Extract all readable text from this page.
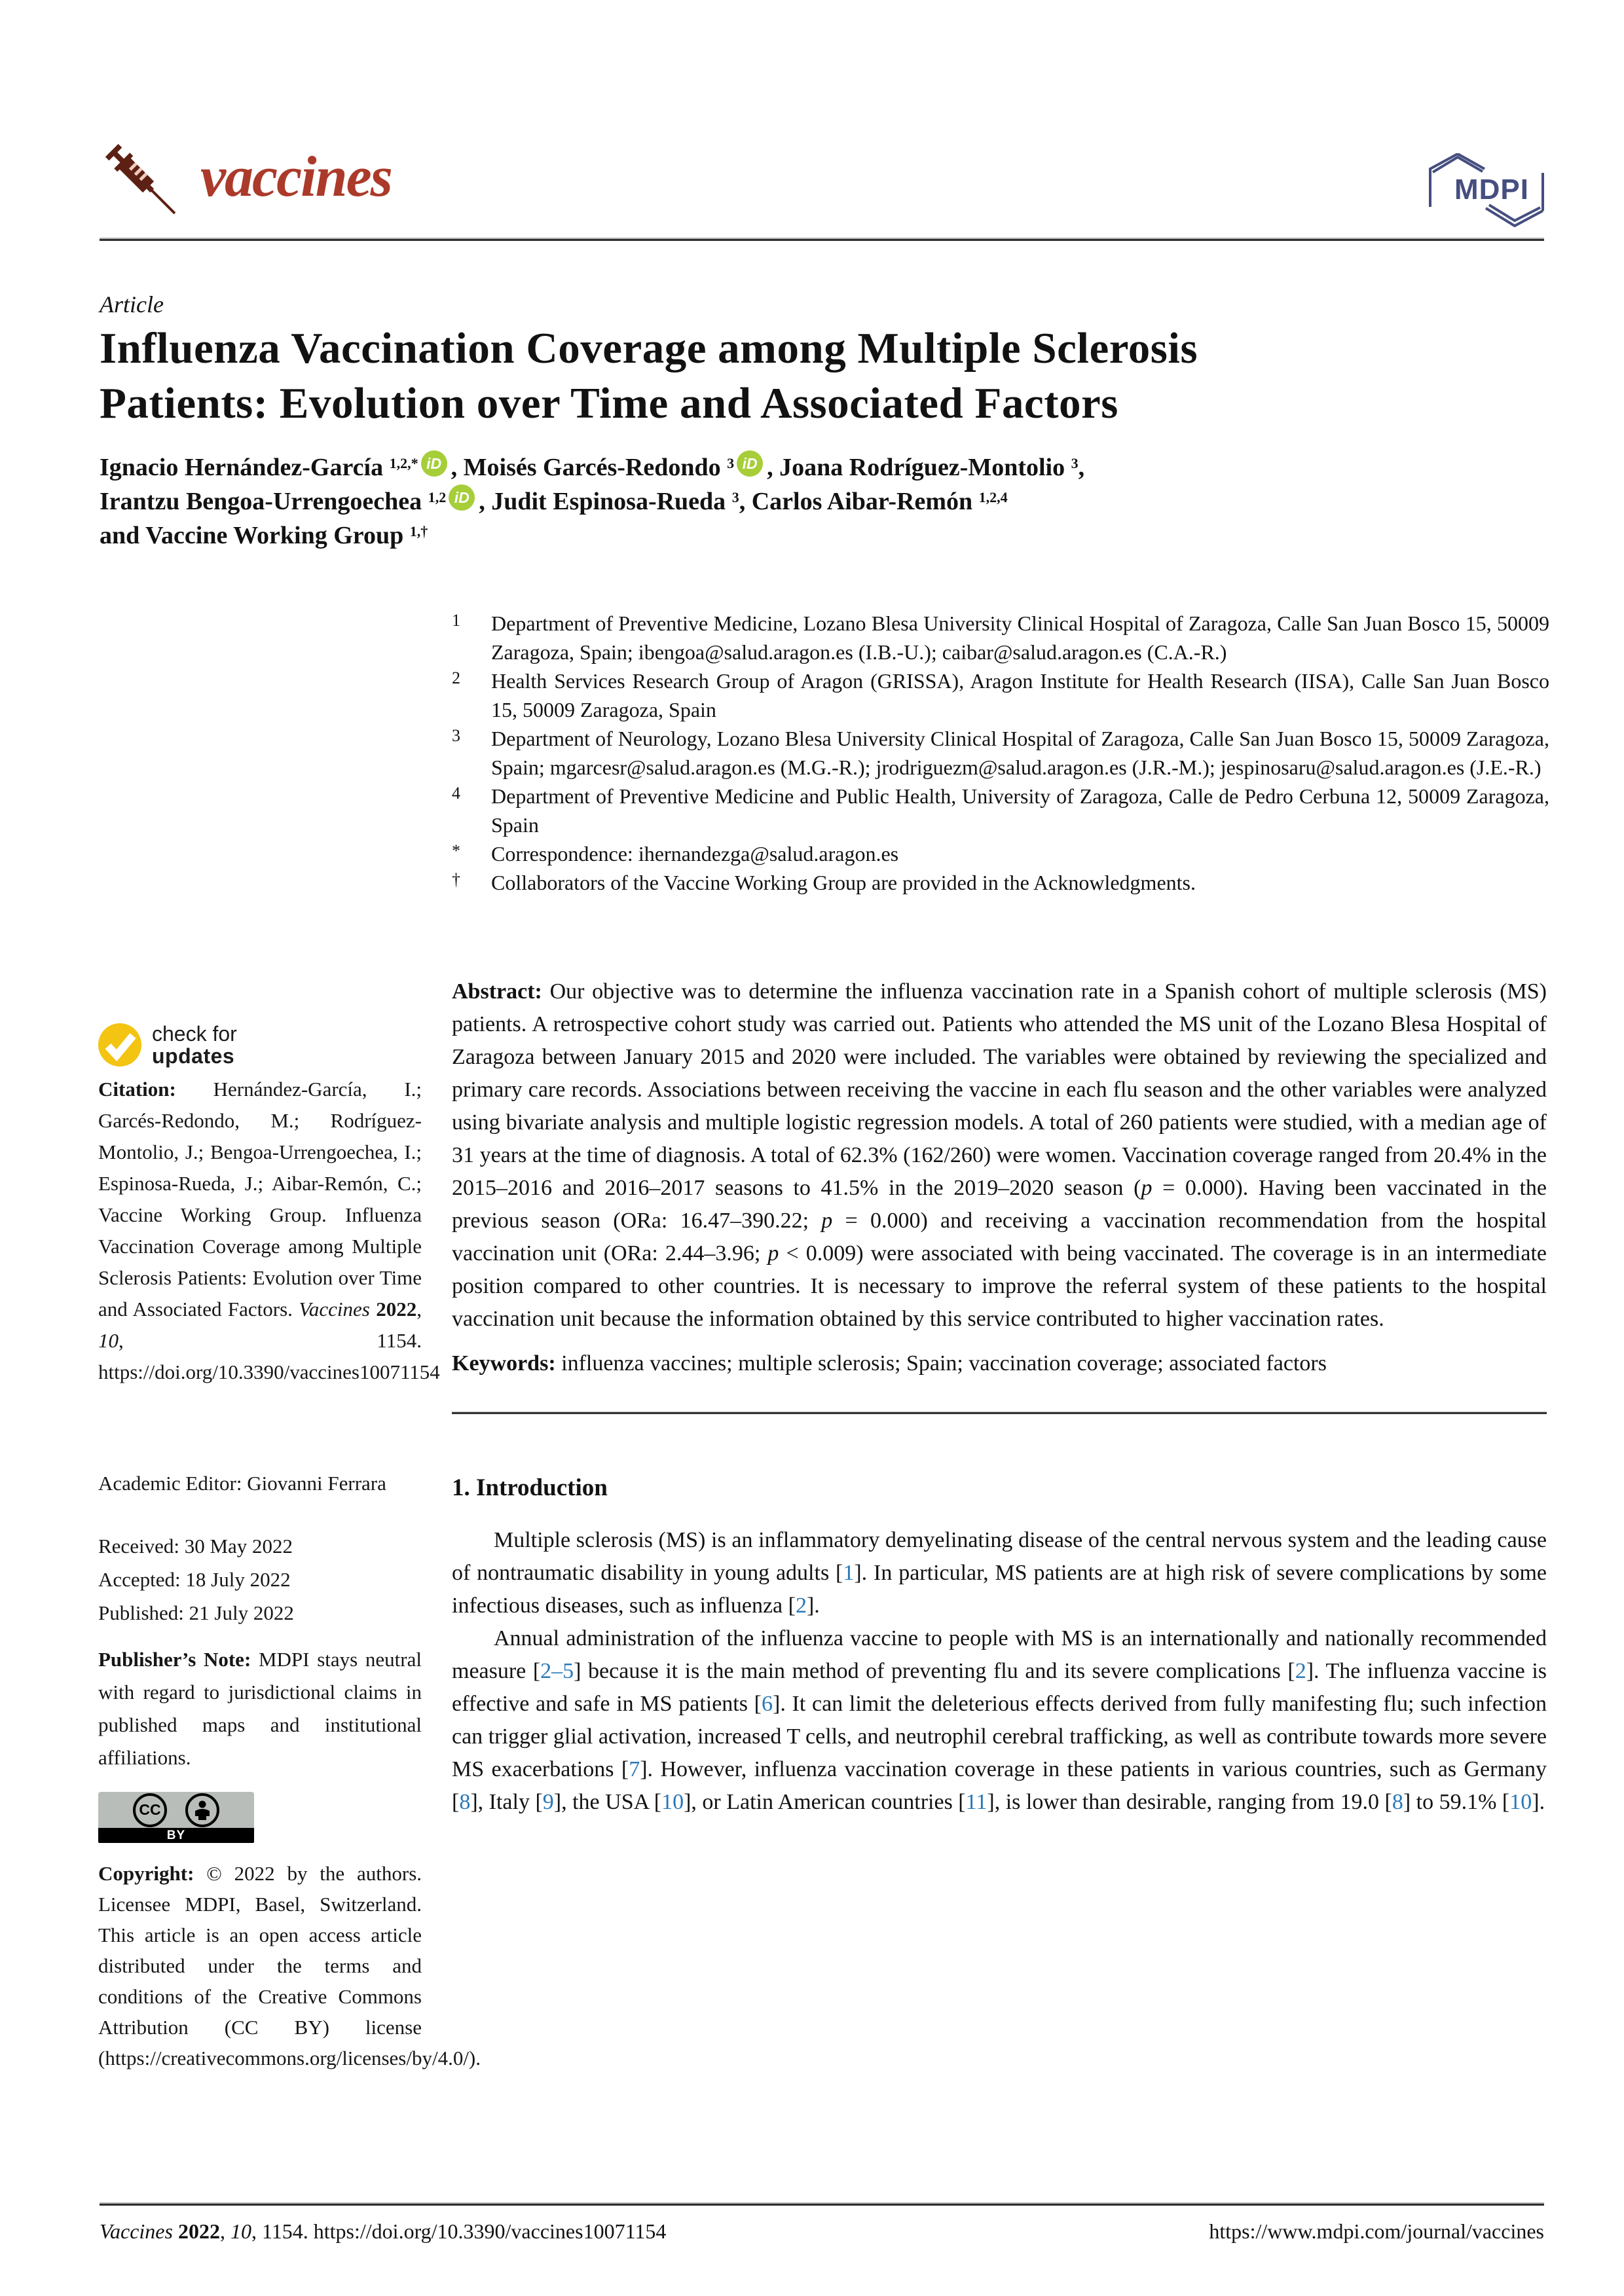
vaccines	MDPI
Article
Influenza Vaccination Coverage among Multiple Sclerosis
Patients: Evolution over Time and Associated Factors
Ignacio Hernández-García $^{1,2,*}$ iD , Moisés Garcés-Redondo $^3$ iD , Joana Rodríguez-Montolio $^3$,
Irantzu Bengoa-Urrengoechea $^{1,2}$ iD , Judit Espinosa-Rueda $^3$, Carlos Aibar-Remón $^{1,2,4}$
and Vaccine Working Group $^{1,\dagger}$
1	Department of Preventive Medicine, Lozano Blesa University Clinical Hospital of Zaragoza, Calle San Juan Bosco 15, 50009 Zaragoza, Spain; ibengoa@salud.aragon.es (I.B.-U.); caibar@salud.aragon.es (C.A.-R.)
2	Health Services Research Group of Aragon (GRISSA), Aragon Institute for Health Research (IISA), Calle San Juan Bosco 15, 50009 Zaragoza, Spain
3	Department of Neurology, Lozano Blesa University Clinical Hospital of Zaragoza, Calle San Juan Bosco 15, 50009 Zaragoza, Spain; mgarcesr@salud.aragon.es (M.G.-R.); jrodriguezm@salud.aragon.es (J.R.-M.); jespinosaru@salud.aragon.es (J.E.-R.)
4	Department of Preventive Medicine and Public Health, University of Zaragoza, Calle de Pedro Cerbuna 12, 50009 Zaragoza, Spain
*	Correspondence: ihernandezga@salud.aragon.es
†	Collaborators of the Vaccine Working Group are provided in the Acknowledgments.

Abstract: Our objective was to determine the influenza vaccination rate in a Spanish cohort of multiple sclerosis (MS) patients. A retrospective cohort study was carried out. Patients who attended the MS unit of the Lozano Blesa Hospital of Zaragoza between January 2015 and 2020 were included. The variables were obtained by reviewing the specialized and primary care records. Associations between receiving the vaccine in each flu season and the other variables were analyzed using bivariate analysis and multiple logistic regression models. A total of 260 patients were studied, with a median age of 31 years at the time of diagnosis. A total of 62.3% (162/260) were women. Vaccination coverage ranged from 20.4% in the 2015–2016 and 2016–2017 seasons to 41.5% in the 2019–2020 season (p = 0.000). Having been vaccinated in the previous season (ORa: 16.47–390.22; p = 0.000) and receiving a vaccination recommendation from the hospital vaccination unit (ORa: 2.44–3.96; p < 0.009) were associated with being vaccinated. The coverage is in an intermediate position compared to other countries. It is necessary to improve the referral system of these patients to the hospital vaccination unit because the information obtained by this service contributed to higher vaccination rates.

Keywords: influenza vaccines; multiple sclerosis; Spain; vaccination coverage; associated factors

1. Introduction

Multiple sclerosis (MS) is an inflammatory demyelinating disease of the central nervous system and the leading cause of nontraumatic disability in young adults [1]. In particular, MS patients are at high risk of severe complications by some infectious diseases, such as influenza [2].

Annual administration of the influenza vaccine to people with MS is an internationally and nationally recommended measure [2–5] because it is the main method of preventing flu and its severe complications [2]. The influenza vaccine is effective and safe in MS patients [6]. It can limit the deleterious effects derived from fully manifesting flu; such infection can trigger glial activation, increased T cells, and neutrophil cerebral trafficking, as well as contribute towards more severe MS exacerbations [7]. However, influenza vaccination coverage in these patients in various countries, such as Germany [8], Italy [9], the USA [10], or Latin American countries [11], is lower than desirable, ranging from 19.0 [8] to 59.1% [10].

check for
updates
Citation: Hernández-García, I.; Garcés-Redondo, M.; Rodríguez-Montolio, J.; Bengoa-Urrengoechea, I.; Espinosa-Rueda, J.; Aibar-Remón, C.; Vaccine Working Group. Influenza Vaccination Coverage among Multiple Sclerosis Patients: Evolution over Time and Associated Factors. Vaccines 2022, 10, 1154. https://doi.org/10.3390/vaccines10071154
Academic Editor: Giovanni Ferrara
Received: 30 May 2022
Accepted: 18 July 2022
Published: 21 July 2022
Publisher’s Note: MDPI stays neutral with regard to jurisdictional claims in published maps and institutional affiliations.
CC
BY
Copyright: © 2022 by the authors. Licensee MDPI, Basel, Switzerland. This article is an open access article distributed under the terms and conditions of the Creative Commons Attribution (CC BY) license (https://creativecommons.org/licenses/by/4.0/).
Vaccines 2022, 10, 1154. https://doi.org/10.3390/vaccines10071154	https://www.mdpi.com/journal/vaccines
